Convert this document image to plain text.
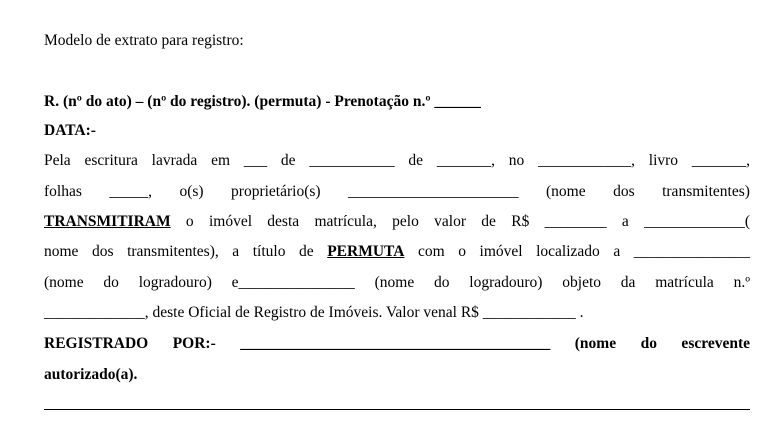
Modelo de extrato para registro:
R. (nº do ato) – (nº do registro). (permuta) - Prenotação n.º ______
DATA:-
Pela escritura lavrada em ___ de ___________ de _______, no ____________, livro _______,
folhas _____, o(s) proprietário(s) ______________________ (nome dos transmitentes)
TRANSMITIRAM o imóvel desta matrícula, pelo valor de R$ ________ a _____________(
nome dos transmitentes), a título de PERMUTA com o imóvel localizado a _______________
(nome do logradouro) e_______________ (nome do logradouro) objeto da matrícula n.º
_____________, deste Oficial de Registro de Imóveis. Valor venal R$ ____________ .
REGISTRADO POR:- ________________________________________ (nome do escrevente
autorizado(a).
